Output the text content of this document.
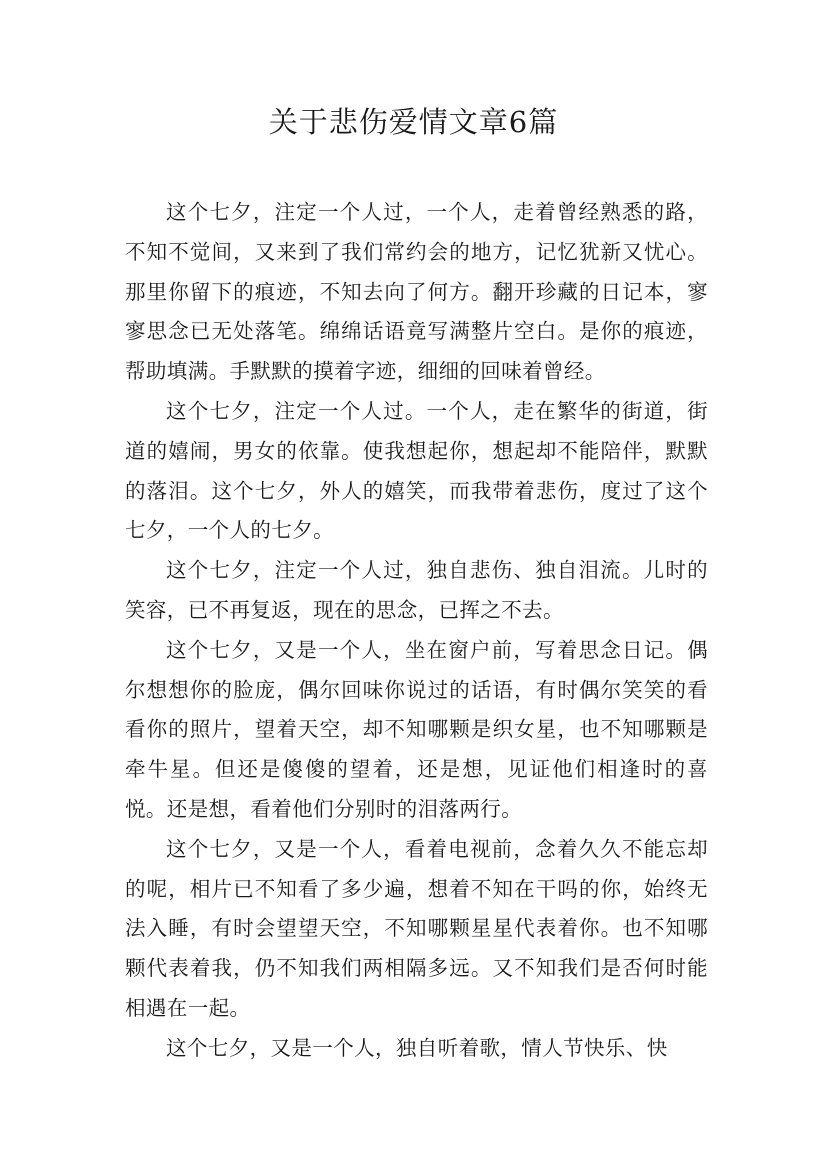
关于悲伤爱情文章6篇

这个七夕，注定一个人过，一个人，走着曾经熟悉的路，不知不觉间，又来到了我们常约会的地方，记忆犹新又忧心。那里你留下的痕迹，不知去向了何方。翻开珍藏的日记本，寥寥思念已无处落笔。绵绵话语竟写满整片空白。是你的痕迹，帮助填满。手默默的摸着字迹，细细的回味着曾经。

这个七夕，注定一个人过。一个人，走在繁华的街道，街道的嬉闹，男女的依靠。使我想起你，想起却不能陪伴，默默的落泪。这个七夕，外人的嬉笑，而我带着悲伤，度过了这个七夕，一个人的七夕。

这个七夕，注定一个人过，独自悲伤、独自泪流。儿时的笑容，已不再复返，现在的思念，已挥之不去。

这个七夕，又是一个人，坐在窗户前，写着思念日记。偶尔想想你的脸庞，偶尔回味你说过的话语，有时偶尔笑笑的看看你的照片，望着天空，却不知哪颗是织女星，也不知哪颗是牵牛星。但还是傻傻的望着，还是想，见证他们相逢时的喜悦。还是想，看着他们分别时的泪落两行。

这个七夕，又是一个人，看着电视前，念着久久不能忘却的呢，相片已不知看了多少遍，想着不知在干吗的你，始终无法入睡，有时会望望天空，不知哪颗星星代表着你。也不知哪颗代表着我，仍不知我们两相隔多远。又不知我们是否何时能相遇在一起。

这个七夕，又是一个人，独自听着歌，情人节快乐、快
